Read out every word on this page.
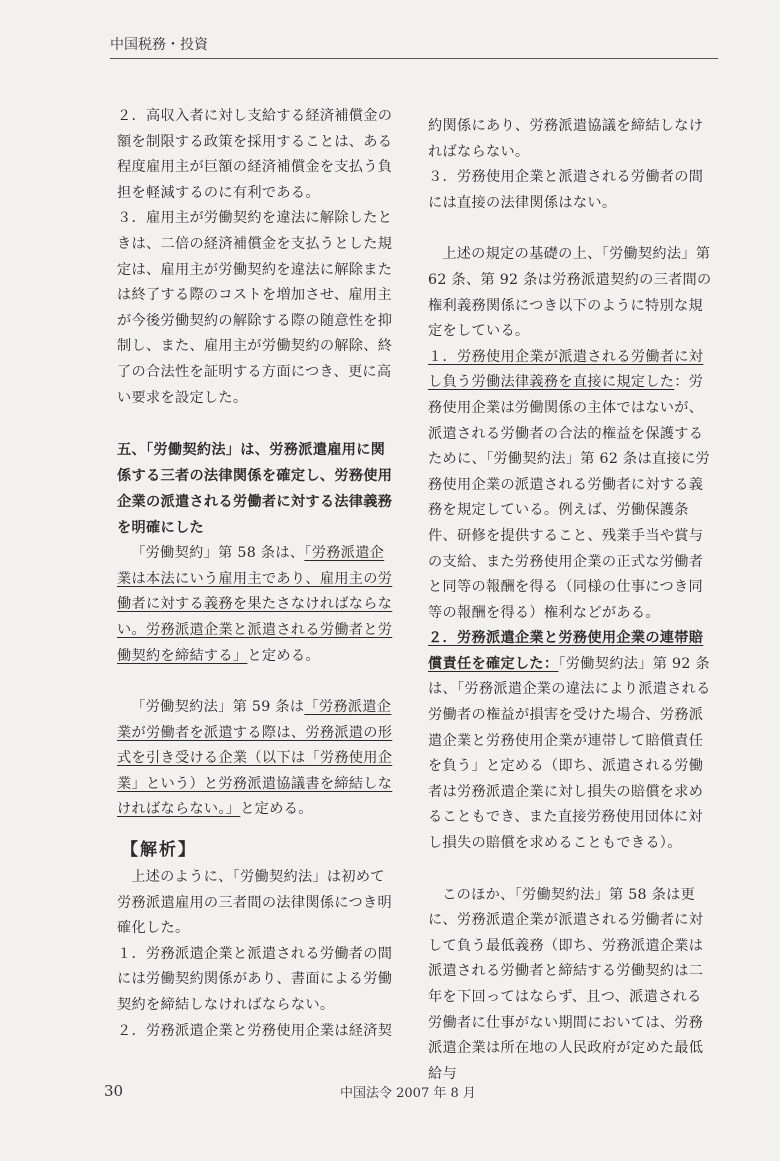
中国税務・投資

２．高収入者に対し支給する経済補償金の額を制限する政策を採用することは、ある程度雇用主が巨額の経済補償金を支払う負担を軽減するのに有利である。

３．雇用主が労働契約を違法に解除したときは、二倍の経済補償金を支払うとした規定は、雇用主が労働契約を違法に解除または終了する際のコストを増加させ、雇用主が今後労働契約の解除する際の随意性を抑制し、また、雇用主が労働契約の解除、終了の合法性を証明する方面につき、更に高い要求を設定した。

五、「労働契約法」は、労務派遣雇用に関係する三者の法律関係を確定し、労務使用企業の派遣される労働者に対する法律義務を明確にした

「労働契約」第 58 条は、「労務派遣企業は本法にいう雇用主であり、雇用主の労働者に対する義務を果たさなければならない。労務派遣企業と派遣される労働者と労働契約を締結する」と定める。

「労働契約法」第 59 条は「労務派遣企業が労働者を派遣する際は、労務派遣の形式を引き受ける企業（以下は「労務使用企業」という）と労務派遣協議書を締結しなければならない。」と定める。

【解析】

上述のように、「労働契約法」は初めて労務派遣雇用の三者間の法律関係につき明確化した。

１．労務派遣企業と派遣される労働者の間には労働契約関係があり、書面による労働契約を締結しなければならない。

２．労務派遣企業と労務使用企業は経済契

約関係にあり、労務派遣協議を締結しなければならない。

３．労務使用企業と派遣される労働者の間には直接の法律関係はない。

上述の規定の基礎の上、「労働契約法」第 62 条、第 92 条は労務派遣契約の三者間の権利義務関係につき以下のように特別な規定をしている。

１．労務使用企業が派遣される労働者に対し負う労働法律義務を直接に規定した：労務使用企業は労働関係の主体ではないが、派遣される労働者の合法的権益を保護するために、「労働契約法」第 62 条は直接に労務使用企業の派遣される労働者に対する義務を規定している。例えば、労働保護条件、研修を提供すること、残業手当や賞与の支給、また労務使用企業の正式な労働者と同等の報酬を得る（同様の仕事につき同等の報酬を得る）権利などがある。

２．労務派遣企業と労務使用企業の連帯賠償責任を確定した：「労働契約法」第 92 条は、「労務派遣企業の違法により派遣される労働者の権益が損害を受けた場合、労務派遣企業と労務使用企業が連帯して賠償責任を負う」と定める（即ち、派遣される労働者は労務派遣企業に対し損失の賠償を求めることもでき、また直接労務使用団体に対し損失の賠償を求めることもできる）。

このほか、「労働契約法」第 58 条は更に、労務派遣企業が派遣される労働者に対して負う最低義務（即ち、労務派遣企業は派遣される労働者と締結する労働契約は二年を下回ってはならず、且つ、派遣される労働者に仕事がない期間においては、労務派遣企業は所在地の人民政府が定めた最低給与

30	中国法令 2007 年 8 月
